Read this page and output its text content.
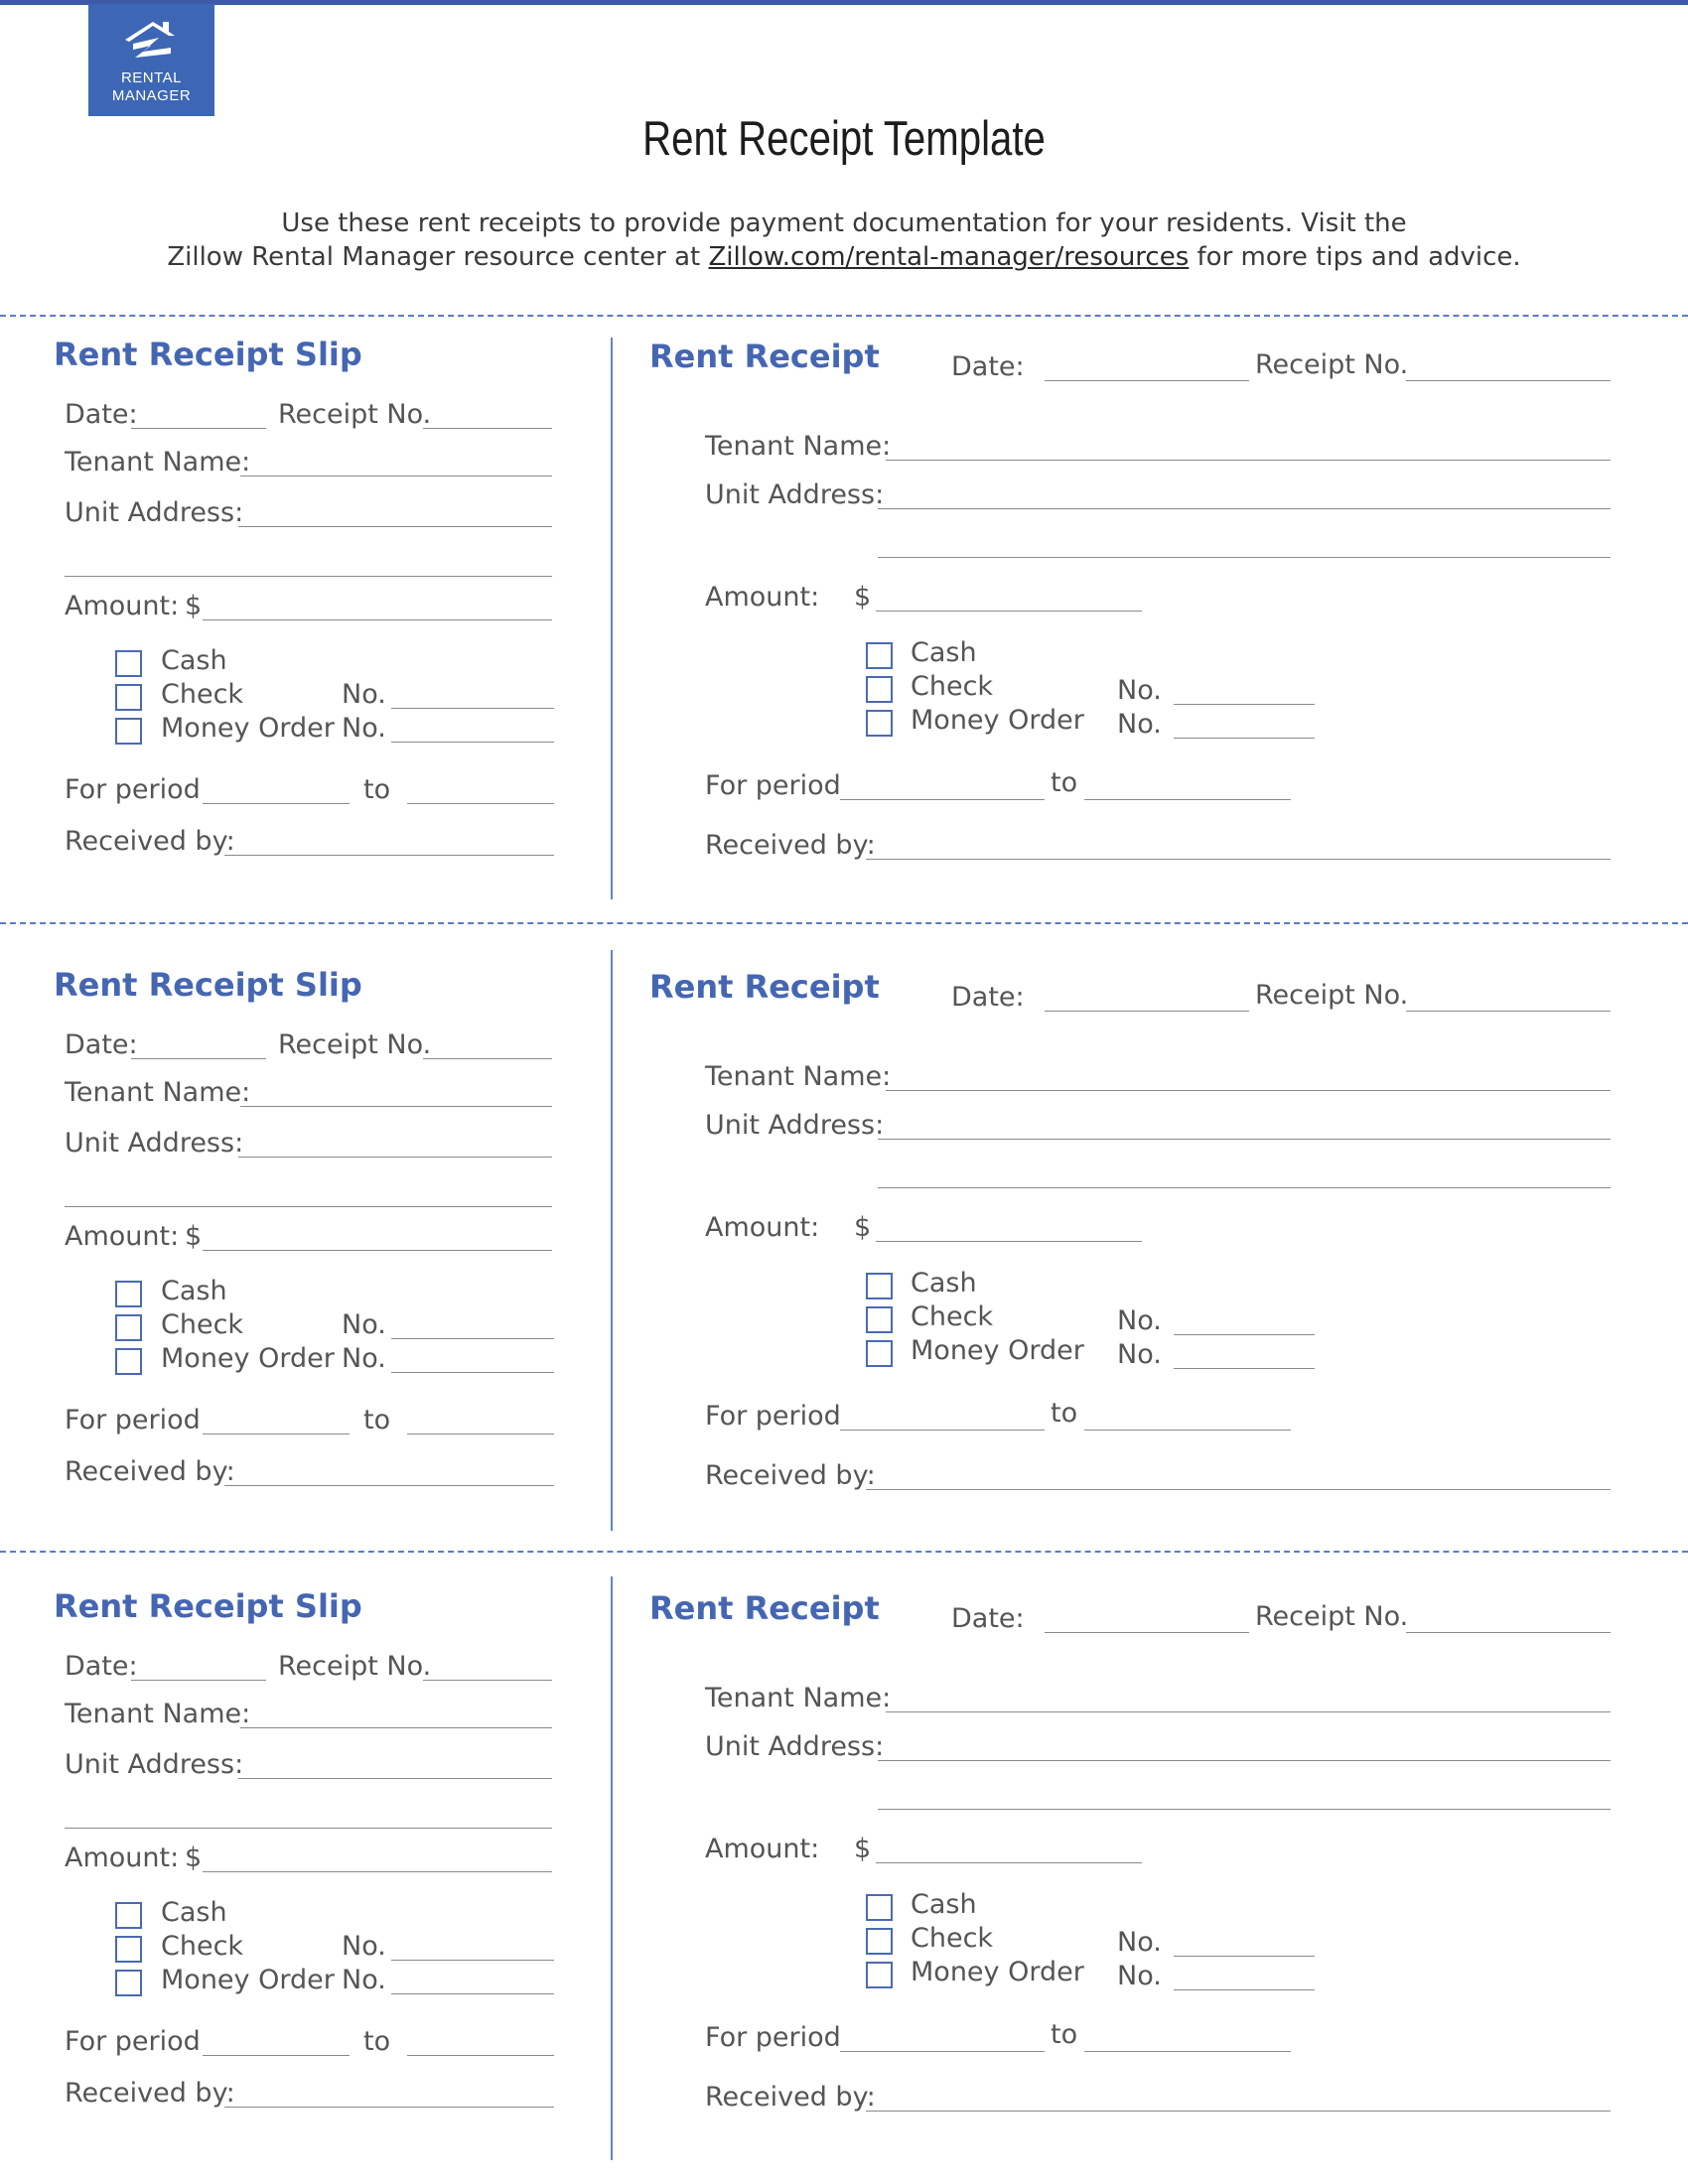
RENTAL
MANAGER
Rent Receipt Template
Use these rent receipts to provide payment documentation for your residents. Visit the
Zillow Rental Manager resource center at Zillow.com/rental-manager/resources for more tips and advice.
Rent Receipt Slip
Date:	Receipt No.
Tenant Name:
Unit Address:
Amount: $
Cash
Check	No.
Money Order No.
For period	to
Received by:
Rent Receipt	Date:	Receipt No.
Tenant Name:
Unit Address:
Amount: $
Cash
Check	No.
Money Order No.
For period	to
Received by:
Rent Receipt Slip
Date:	Receipt No.
Tenant Name:
Unit Address:
Amount: $
Cash
Check	No.
Money Order No.
For period	to
Received by:
Rent Receipt	Date:	Receipt No.
Tenant Name:
Unit Address:
Amount: $
Cash
Check	No.
Money Order No.
For period	to
Received by:
Rent Receipt Slip
Date:	Receipt No.
Tenant Name:
Unit Address:
Amount: $
Cash
Check	No.
Money Order No.
For period	to
Received by:
Rent Receipt	Date:	Receipt No.
Tenant Name:
Unit Address:
Amount: $
Cash
Check	No.
Money Order No.
For period	to
Received by:
